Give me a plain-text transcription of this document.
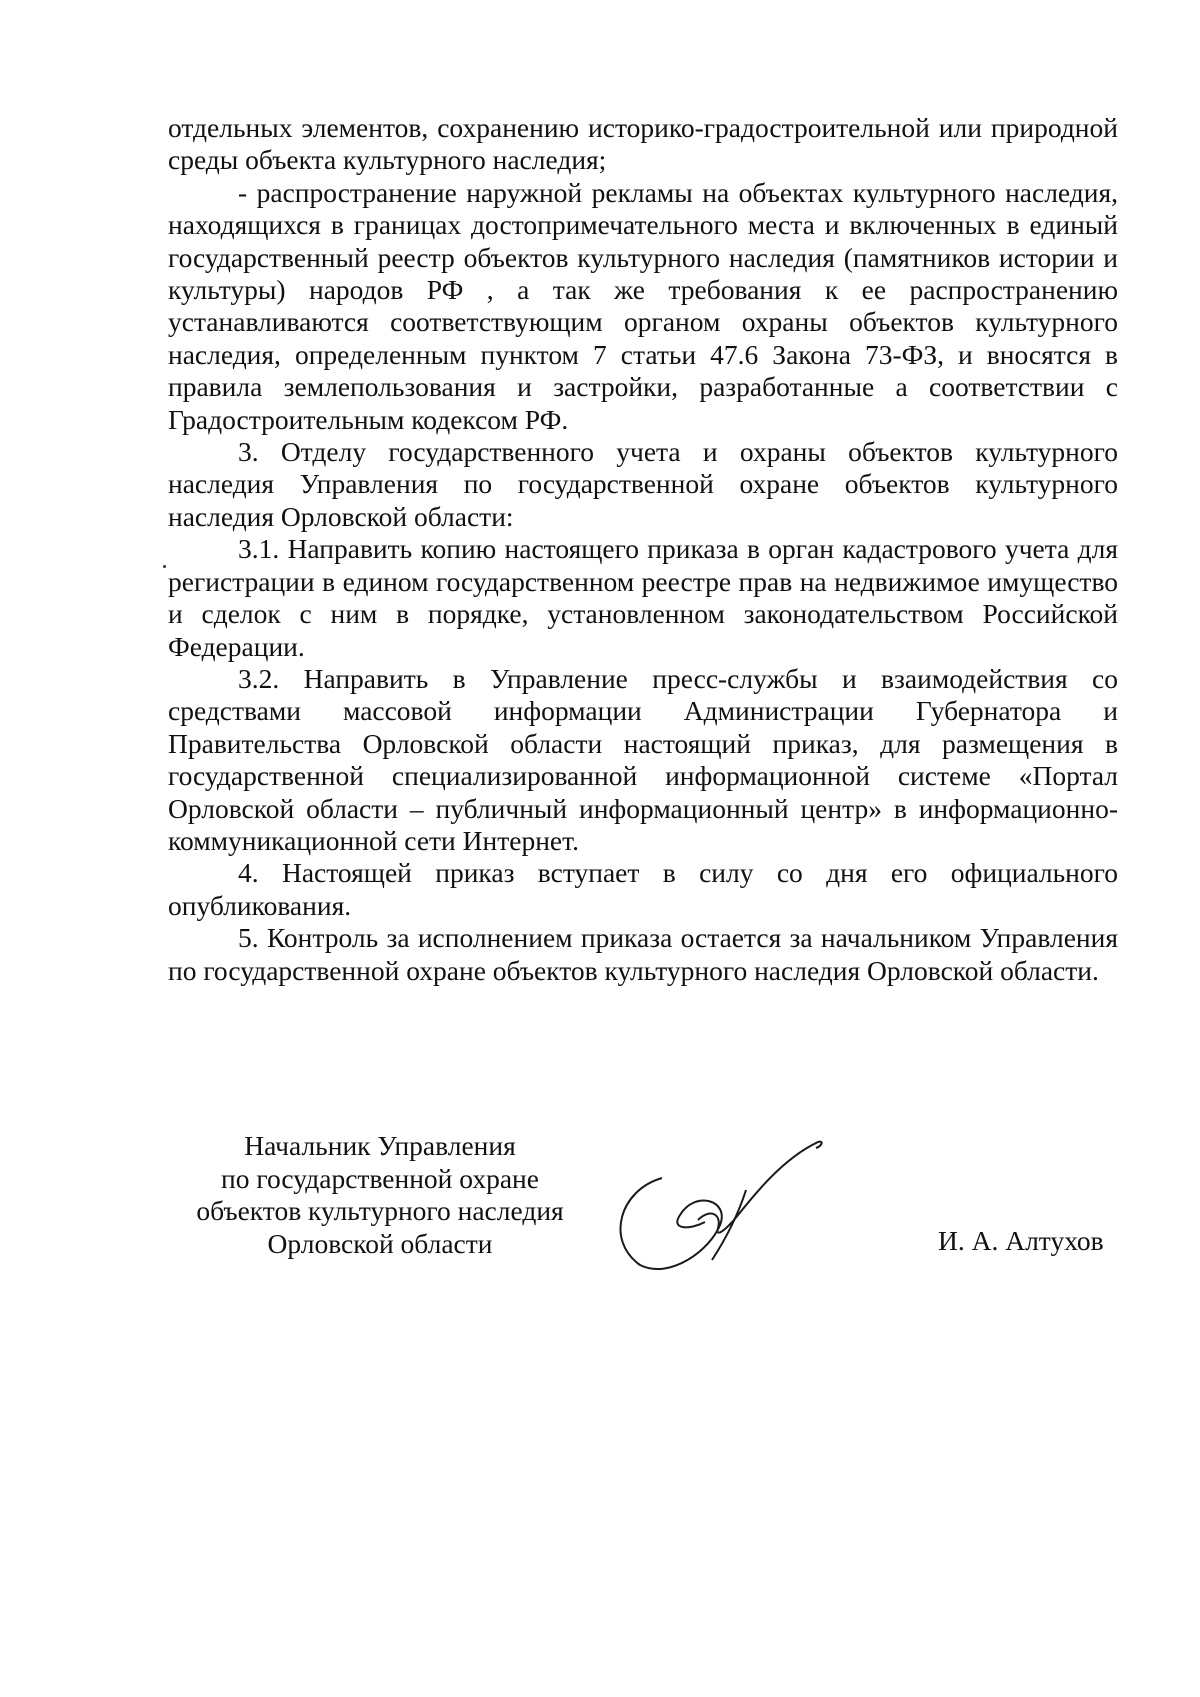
отдельных элементов, сохранению историко-градостроительной или природной среды объекта культурного наследия;

- распространение наружной рекламы на объектах культурного наследия, находящихся в границах достопримечательного места и включенных в единый государственный реестр объектов культурного наследия (памятников истории и культуры) народов РФ , а так же требования к ее распространению устанавливаются соответствующим органом охраны объектов культурного наследия, определенным пунктом 7 статьи 47.6 Закона 73-ФЗ, и вносятся в правила землепользования и застройки, разработанные а соответствии с Градостроительным кодексом РФ.

3. Отделу государственного учета и охраны объектов культурного наследия Управления по государственной охране объектов культурного наследия Орловской области:

3.1. Направить копию настоящего приказа в орган кадастрового учета для регистрации в едином государственном реестре прав на недвижимое имущество и сделок с ним в порядке, установленном законодательством Российской Федерации.

3.2. Направить в Управление пресс-службы и взаимодействия со средствами массовой информации Администрации Губернатора и Правительства Орловской области настоящий приказ, для размещения в государственной специализированной информационной системе «Портал Орловской области – публичный информационный центр» в информационно-коммуникационной сети Интернет.

4. Настоящей приказ вступает в силу со дня его официального опубликования.

5. Контроль за исполнением приказа остается за начальником Управления по государственной охране объектов культурного наследия Орловской области.

Начальник Управления
по государственной охране
объектов культурного наследия
Орловской области	И. А. Алтухов
